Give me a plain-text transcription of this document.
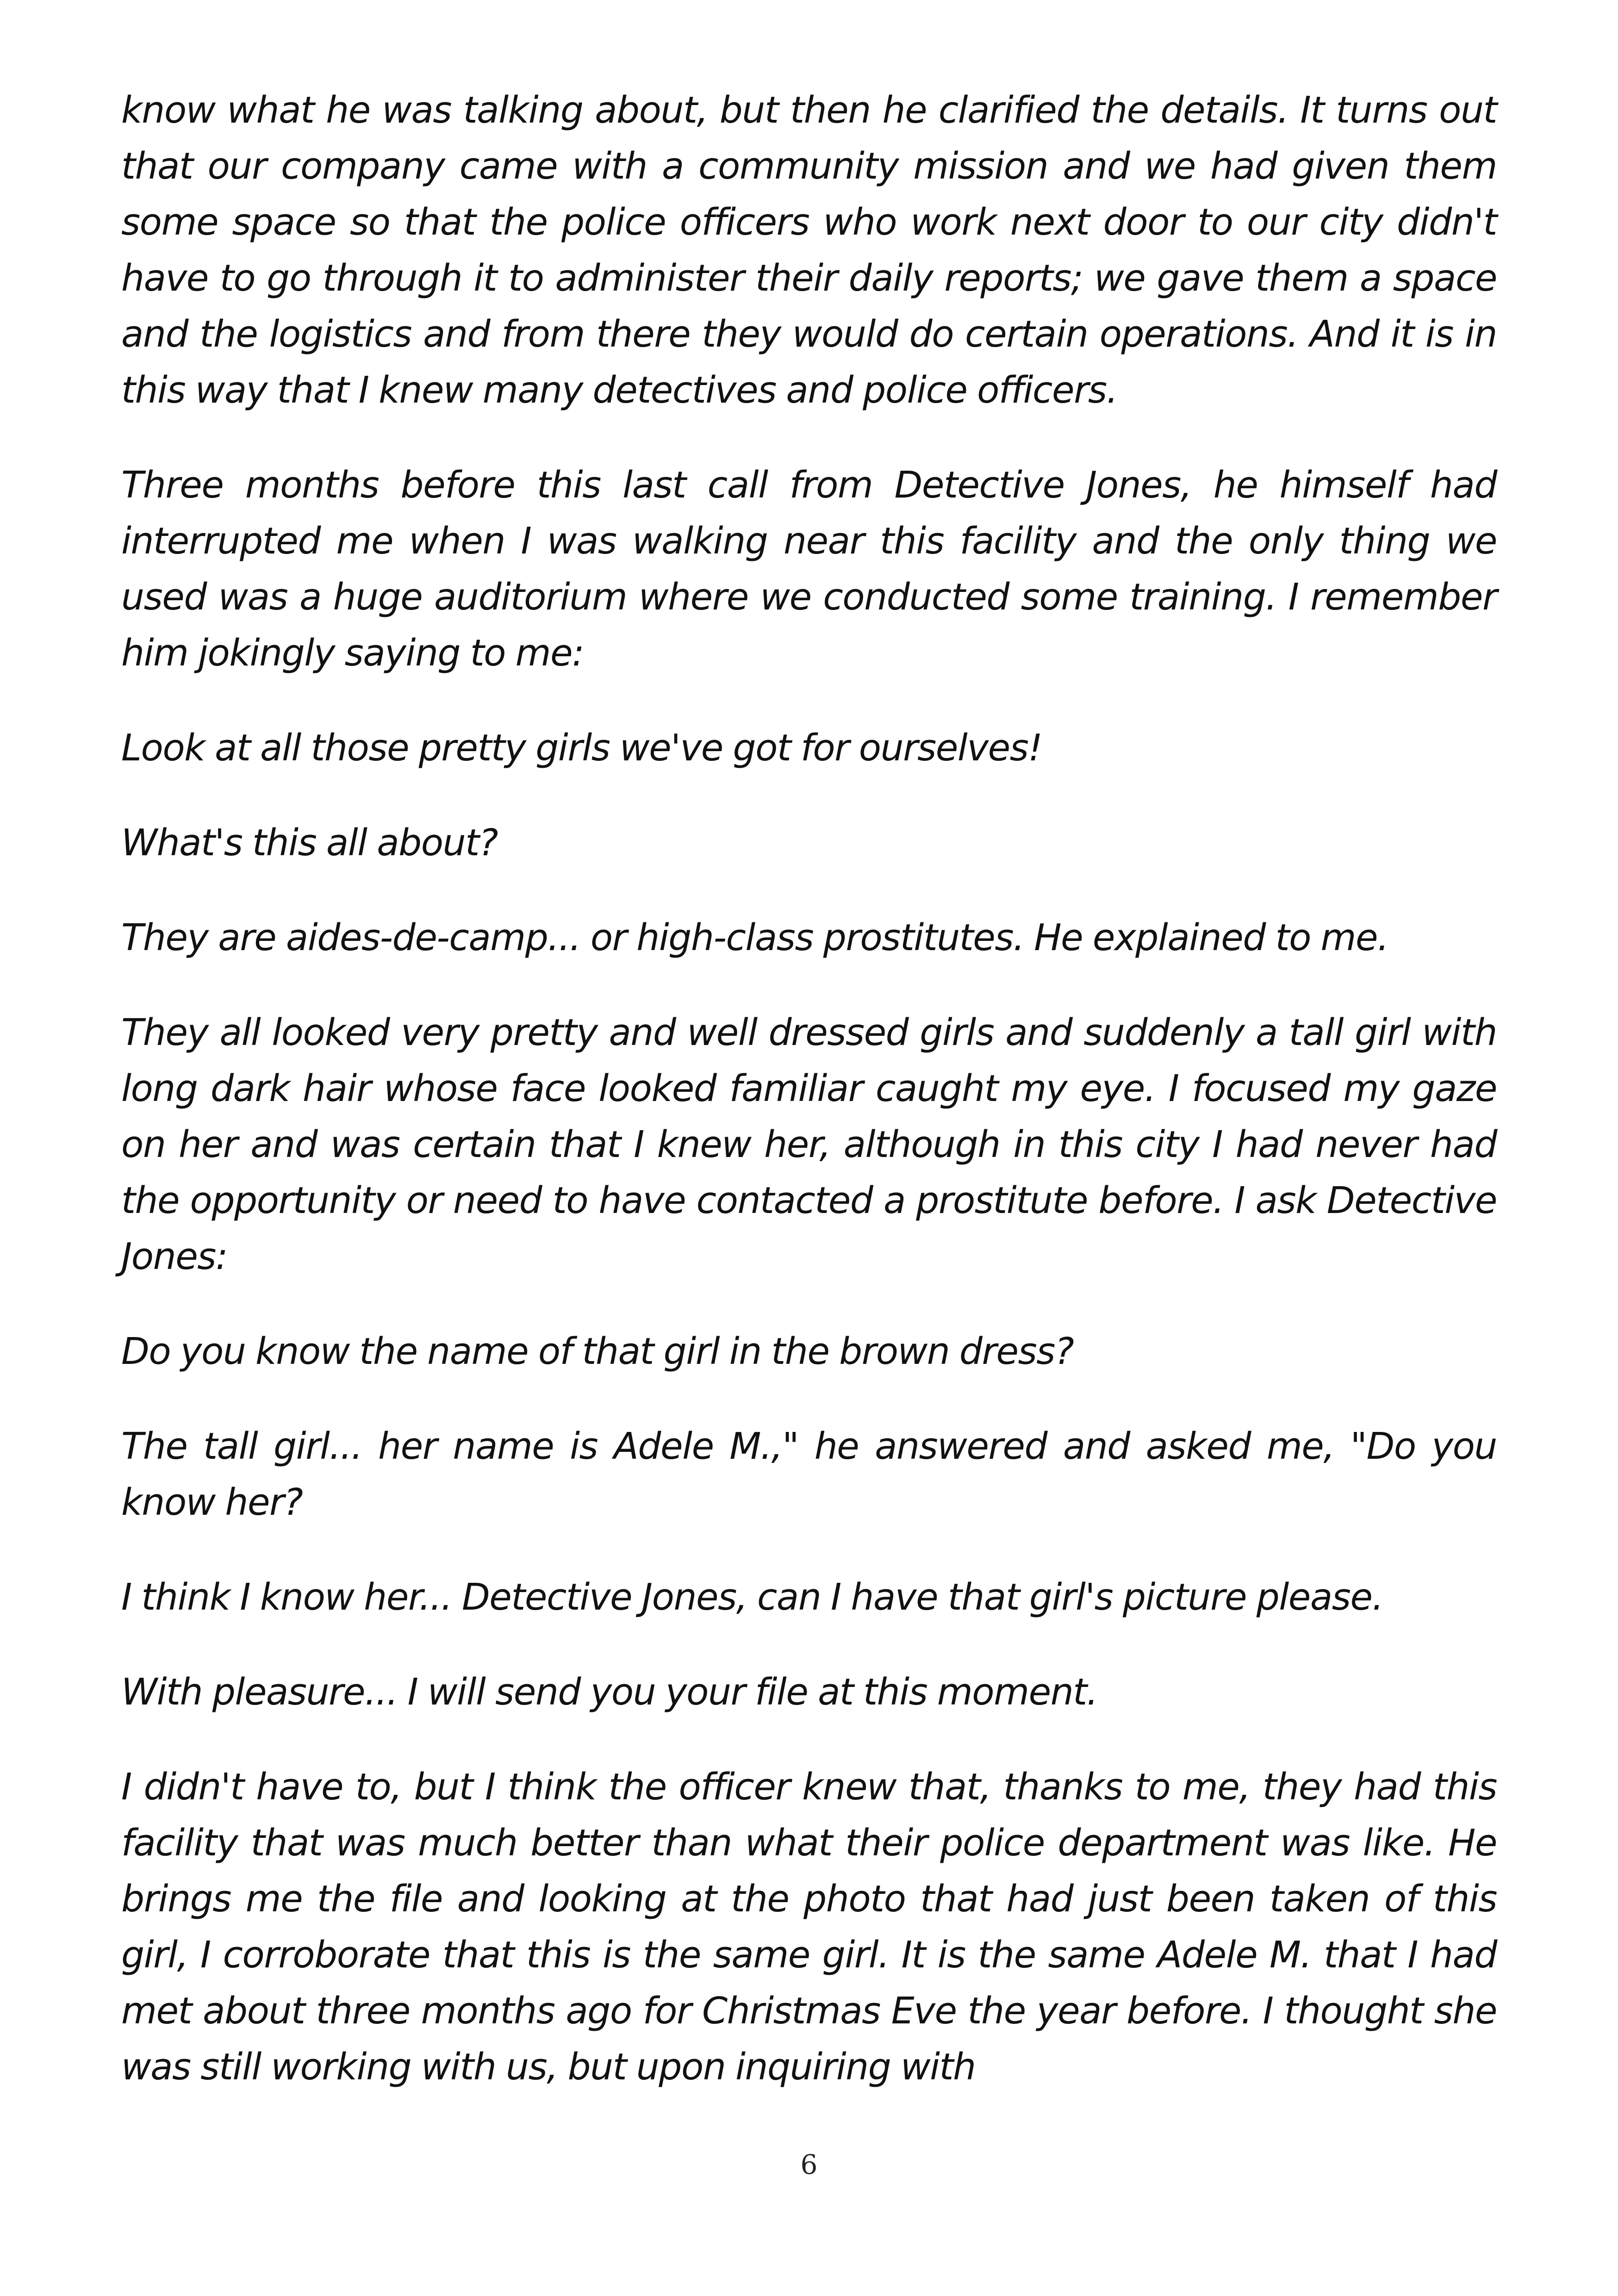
know what he was talking about, but then he clarified the details. It turns out that our company came with a community mission and we had given them some space so that the police officers who work next door to our city didn't have to go through it to administer their daily reports; we gave them a space and the logistics and from there they would do certain operations. And it is in this way that I knew many detectives and police officers.

Three months before this last call from Detective Jones, he himself had interrupted me when I was walking near this facility and the only thing we used was a huge auditorium where we conducted some training. I remember him jokingly saying to me:

Look at all those pretty girls we've got for ourselves!

What's this all about?

They are aides-de-camp... or high-class prostitutes. He explained to me.

They all looked very pretty and well dressed girls and suddenly a tall girl with long dark hair whose face looked familiar caught my eye. I focused my gaze on her and was certain that I knew her, although in this city I had never had the opportunity or need to have contacted a prostitute before. I ask Detective Jones:

Do you know the name of that girl in the brown dress?

The tall girl... her name is Adele M.," he answered and asked me, "Do you know her?

I think I know her... Detective Jones, can I have that girl's picture please.

With pleasure... I will send you your file at this moment.

I didn't have to, but I think the officer knew that, thanks to me, they had this facility that was much better than what their police department was like. He brings me the file and looking at the photo that had just been taken of this girl, I corroborate that this is the same girl. It is the same Adele M. that I had met about three months ago for Christmas Eve the year before. I thought she was still working with us, but upon inquiring with

6
